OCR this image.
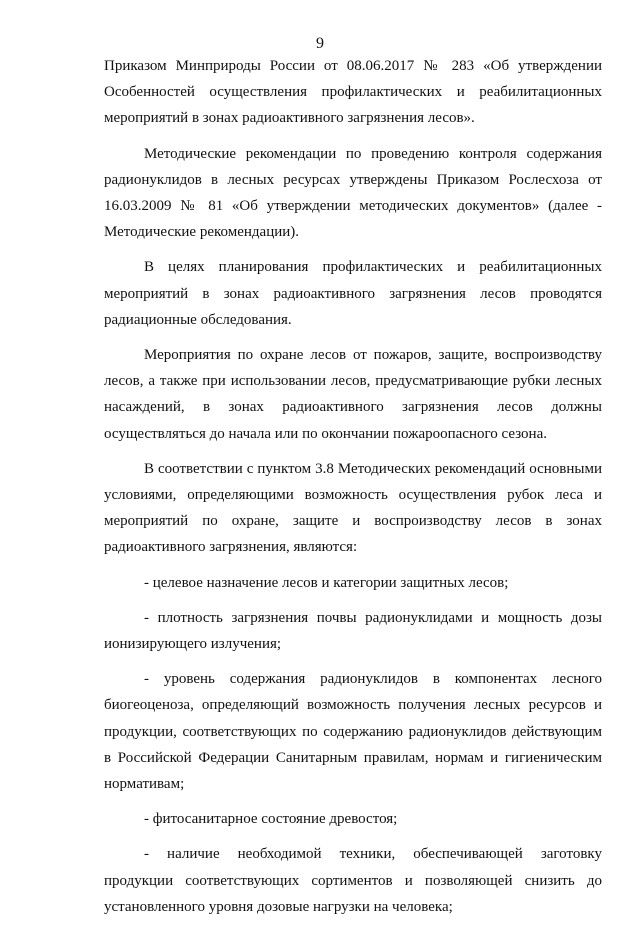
9

Приказом Минприроды России от 08.06.2017 № 283 «Об утверждении Особенностей осуществления профилактических и реабилитационных мероприятий в зонах радиоактивного загрязнения лесов».

Методические рекомендации по проведению контроля содержания радионуклидов в лесных ресурсах утверждены Приказом Рослесхоза от 16.03.2009 № 81 «Об утверждении методических документов» (далее - Методические рекомендации).

В целях планирования профилактических и реабилитационных мероприятий в зонах радиоактивного загрязнения лесов проводятся радиационные обследования.

Мероприятия по охране лесов от пожаров, защите, воспроизводству лесов, а также при использовании лесов, предусматривающие рубки лесных насаждений, в зонах радиоактивного загрязнения лесов должны осуществляться до начала или по окончании пожароопасного сезона.

В соответствии с пунктом 3.8 Методических рекомендаций основными условиями, определяющими возможность осуществления рубок леса и мероприятий по охране, защите и воспроизводству лесов в зонах радиоактивного загрязнения, являются:

- целевое назначение лесов и категории защитных лесов;

- плотность загрязнения почвы радионуклидами и мощность дозы ионизирующего излучения;

- уровень содержания радионуклидов в компонентах лесного биогеоценоза, определяющий возможность получения лесных ресурсов и продукции, соответствующих по содержанию радионуклидов действующим в Российской Федерации Санитарным правилам, нормам и гигиеническим нормативам;

- фитосанитарное состояние древостоя;

- наличие необходимой техники, обеспечивающей заготовку продукции соответствующих сортиментов и позволяющей снизить до установленного уровня дозовые нагрузки на человека;
